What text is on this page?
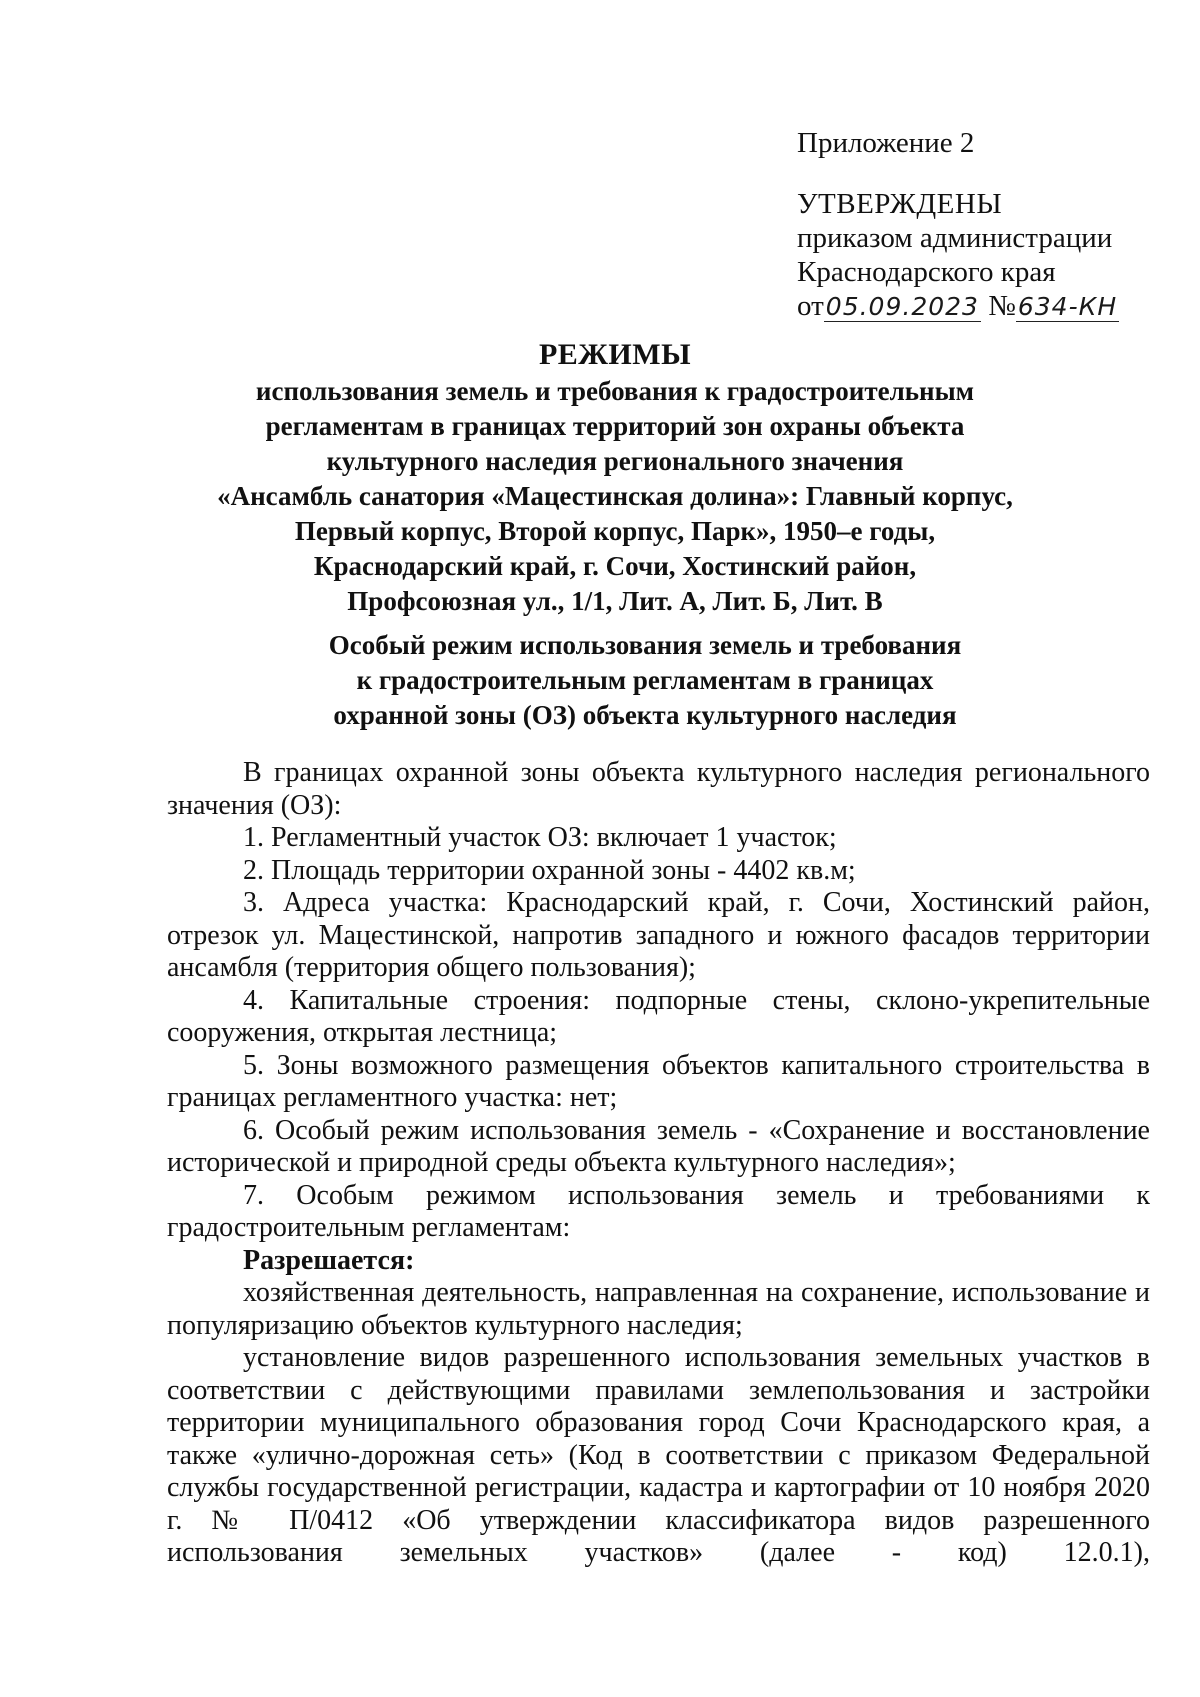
Приложение 2
УТВЕРЖДЕНЫ
приказом администрации
Краснодарского края
от05.09.2023 №634-КН
РЕЖИМЫ
использования земель и требования к градостроительным
регламентам в границах территорий зон охраны объекта
культурного наследия регионального значения
«Ансамбль санатория «Мацестинская долина»: Главный корпус,
Первый корпус, Второй корпус, Парк», 1950–е годы,
Краснодарский край, г. Сочи, Хостинский район,
Профсоюзная ул., 1/1, Лит. А, Лит. Б, Лит. В
Особый режим использования земель и требования
к градостроительным регламентам в границах
охранной зоны (ОЗ) объекта культурного наследия

В границах охранной зоны объекта культурного наследия регионального значения (ОЗ):

1. Регламентный участок ОЗ: включает 1 участок;

2. Площадь территории охранной зоны - 4402 кв.м;

3. Адреса участка: Краснодарский край, г. Сочи, Хостинский район, отрезок ул. Мацестинской, напротив западного и южного фасадов территории ансамбля (территория общего пользования);

4. Капитальные строения: подпорные стены, склоно-укрепительные сооружения, открытая лестница;

5. Зоны возможного размещения объектов капитального строительства в границах регламентного участка: нет;

6. Особый режим использования земель - «Сохранение и восстановление исторической и природной среды объекта культурного наследия»;

7. Особым режимом использования земель и требованиями к градостроительным регламентам:

Разрешается:

хозяйственная деятельность, направленная на сохранение, использование и популяризацию объектов культурного наследия;

установление видов разрешенного использования земельных участков в соответствии с действующими правилами землепользования и застройки территории муниципального образования город Сочи Краснодарского края, а также «улично-дорожная сеть» (Код в соответствии с приказом Федеральной службы государственной регистрации, кадастра и картографии от 10 ноября 2020 г. № П/0412 «Об утверждении классификатора видов разрешенного использования земельных участков» (далее - код) 12.0.1),
